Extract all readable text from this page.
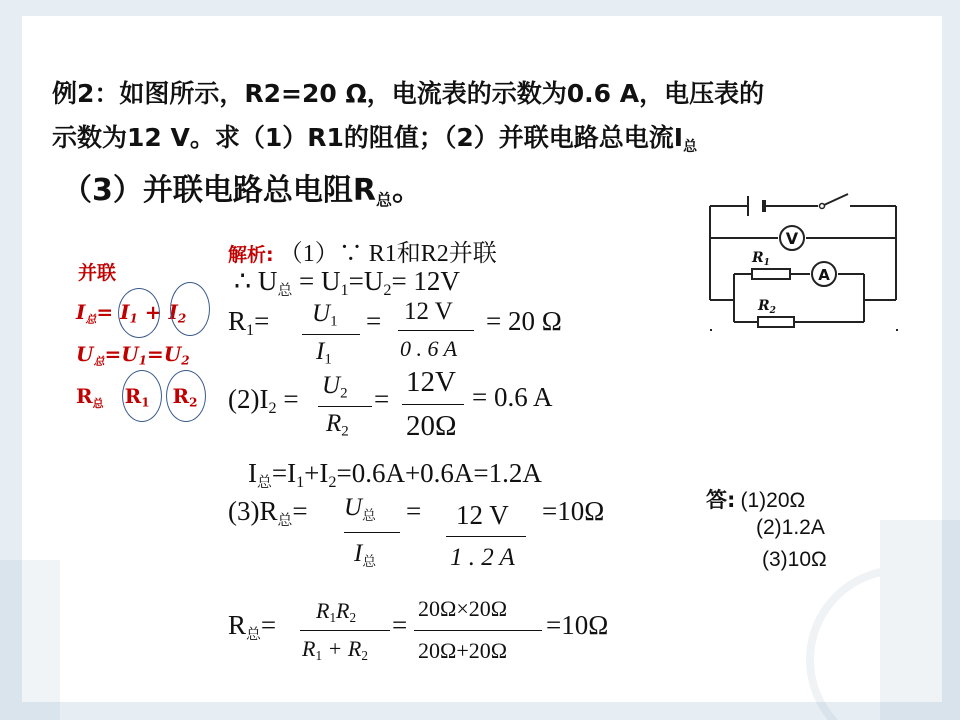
例2：如图所示，R2=20 Ω，电流表的示数为0.6 A，电压表的
示数为12 V。求（1）R1的阻值；（2）并联电路总电流I总
（3）并联电路总电阻R总。
并联
I总= $I_1 + I_2$
U总$=U_1=U_2$
R总 $R_1$ $R_2$
解析: （1）∵ R1和R2并联
∴ U总 = $U_1=U_2= 12V$
$R_1= U_1$
$I_1$
= 12 V
0 . 6 A
= 20 Ω
$(2)I_2 = U_2$
$R_2$
=
12V
20Ω
= 0.6 A
I总$=I_1+I_2=0.6A+0.6A=1.2A$
(3)R总= U总
I总
= 12 V
1 . 2 A
=10Ω
R总= $R_1R_2$
$R_1 + R_2$
=
20Ω×20Ω
20Ω+20Ω
=10Ω
答: (1)20Ω
(2)1.2A
(3)10Ω
V
$R_1$
A
$R_2$
